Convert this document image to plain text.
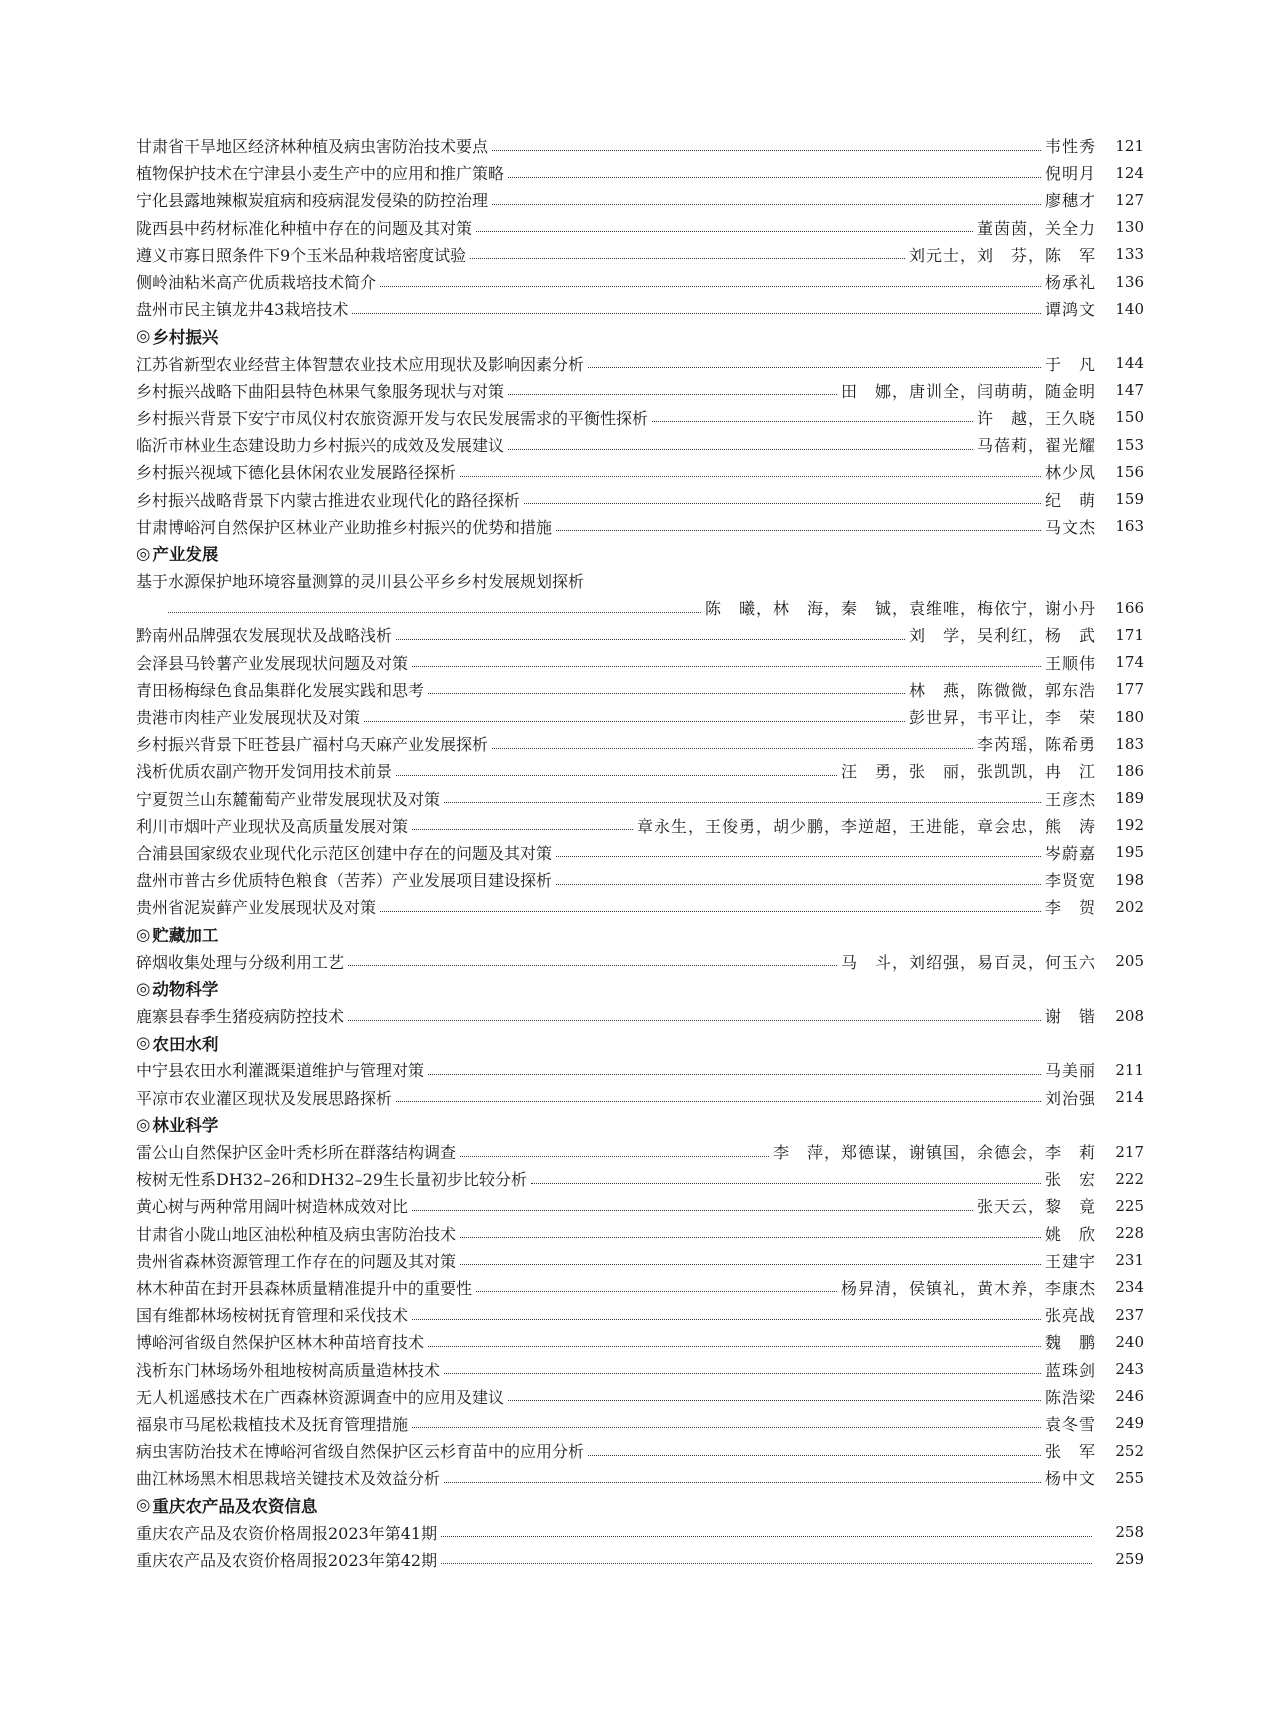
甘肃省干旱地区经济林种植及病虫害防治技术要点	韦性秀	121
植物保护技术在宁津县小麦生产中的应用和推广策略	倪明月	124
宁化县露地辣椒炭疽病和疫病混发侵染的防控治理	廖穗才	127
陇西县中药材标准化种植中存在的问题及其对策	董茵茵，关全力	130
遵义市寡日照条件下9个玉米品种栽培密度试验	刘元士，刘　芬，陈　军	133
侧岭油粘米高产优质栽培技术简介	杨承礼	136
盘州市民主镇龙井43栽培技术	谭鸿文	140
◎ 乡村振兴
江苏省新型农业经营主体智慧农业技术应用现状及影响因素分析	于　凡	144
乡村振兴战略下曲阳县特色林果气象服务现状与对策	田　娜，唐训全，闫萌萌，随金明	147
乡村振兴背景下安宁市凤仪村农旅资源开发与农民发展需求的平衡性探析	许　越，王久晓	150
临沂市林业生态建设助力乡村振兴的成效及发展建议	马蓓莉，翟光耀	153
乡村振兴视域下德化县休闲农业发展路径探析	林少凤	156
乡村振兴战略背景下内蒙古推进农业现代化的路径探析	纪　萌	159
甘肃博峪河自然保护区林业产业助推乡村振兴的优势和措施	马文杰	163
◎ 产业发展
基于水源保护地环境容量测算的灵川县公平乡乡村发展规划探析
陈　曦，林　海，秦　铖，袁维唯，梅依宁，谢小丹	166
黔南州品牌强农发展现状及战略浅析	刘　学，吴利红，杨　武	171
会泽县马铃薯产业发展现状问题及对策	王顺伟	174
青田杨梅绿色食品集群化发展实践和思考	林　燕，陈微微，郭东浩	177
贵港市肉桂产业发展现状及对策	彭世昇，韦平让，李　荣	180
乡村振兴背景下旺苍县广福村乌天麻产业发展探析	李芮瑶，陈希勇	183
浅析优质农副产物开发饲用技术前景	汪　勇，张　丽，张凯凯，冉　江	186
宁夏贺兰山东麓葡萄产业带发展现状及对策	王彦杰	189
利川市烟叶产业现状及高质量发展对策	章永生，王俊勇，胡少鹏，李逆超，王进能，章会忠，熊　涛	192
合浦县国家级农业现代化示范区创建中存在的问题及其对策	岑蔚嘉	195
盘州市普古乡优质特色粮食（苦荞）产业发展项目建设探析	李贤宽	198
贵州省泥炭藓产业发展现状及对策	李　贺	202
◎ 贮藏加工
碎烟收集处理与分级利用工艺	马　斗，刘绍强，易百灵，何玉六	205
◎ 动物科学
鹿寨县春季生猪疫病防控技术	谢　锴	208
◎ 农田水利
中宁县农田水利灌溉渠道维护与管理对策	马美丽	211
平凉市农业灌区现状及发展思路探析	刘治强	214
◎ 林业科学
雷公山自然保护区金叶秃杉所在群落结构调查	李　萍，郑德谋，谢镇国，余德会，李　莉	217
桉树无性系DH32–26和DH32–29生长量初步比较分析	张　宏	222
黄心树与两种常用阔叶树造林成效对比	张天云，黎　竟	225
甘肃省小陇山地区油松种植及病虫害防治技术	姚　欣	228
贵州省森林资源管理工作存在的问题及其对策	王建宇	231
林木种苗在封开县森林质量精准提升中的重要性	杨昇清，侯镇礼，黄木养，李康杰	234
国有维都林场桉树抚育管理和采伐技术	张亮战	237
博峪河省级自然保护区林木种苗培育技术	魏　鹏	240
浅析东门林场场外租地桉树高质量造林技术	蓝珠剑	243
无人机遥感技术在广西森林资源调查中的应用及建议	陈浩梁	246
福泉市马尾松栽植技术及抚育管理措施	袁冬雪	249
病虫害防治技术在博峪河省级自然保护区云杉育苗中的应用分析	张　军	252
曲江林场黑木相思栽培关键技术及效益分析	杨中文	255
◎ 重庆农产品及农资信息
重庆农产品及农资价格周报2023年第41期	258
重庆农产品及农资价格周报2023年第42期	259
